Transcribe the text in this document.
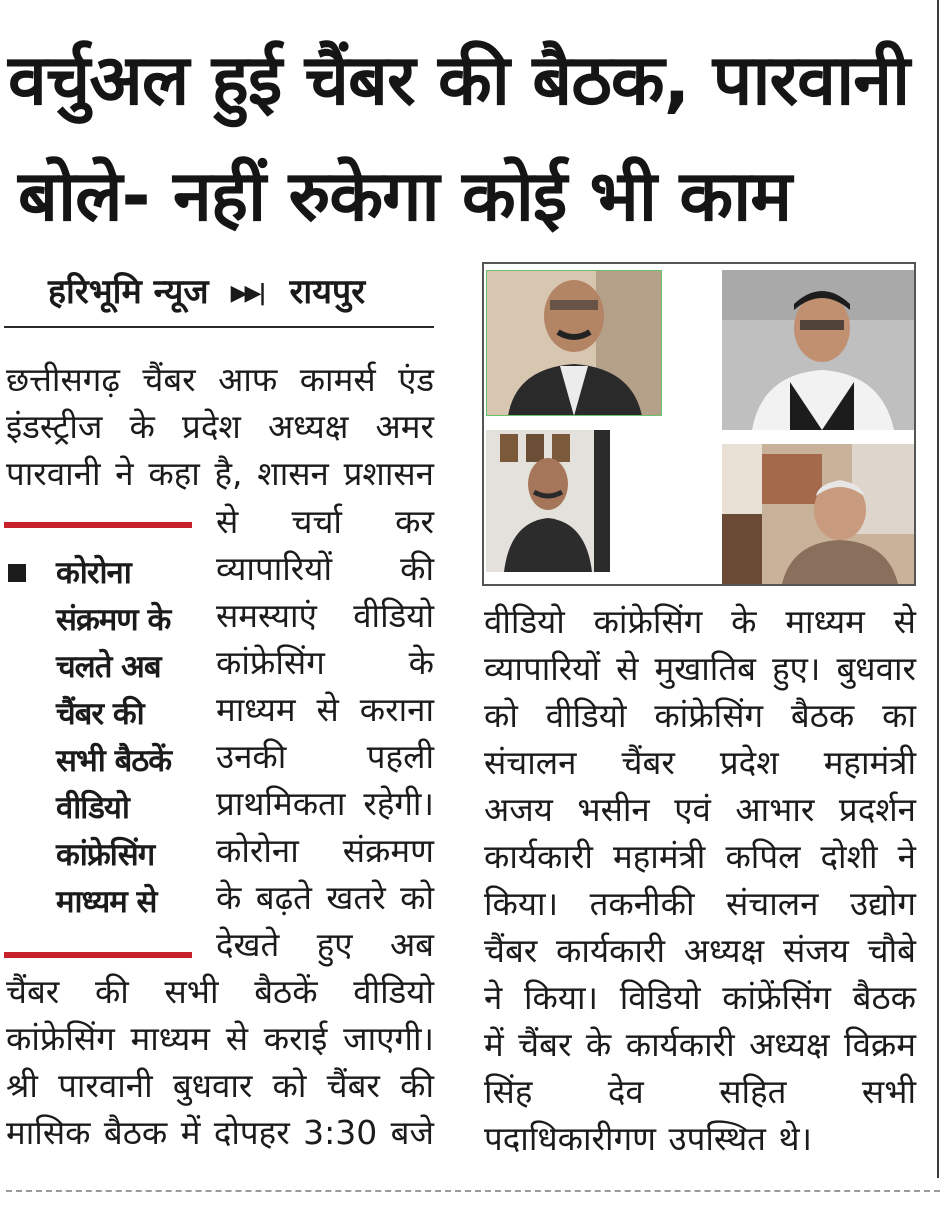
वर्चुअल हुई चैंबर की बैठक, पारवानी

बोले- नहीं रुकेगा कोई भी काम
हरिभूमि न्यूज ▶▶| रायपुर

छत्तीसगढ़ चैंबर आफ कामर्स एंड

इंडस्ट्रीज के प्रदेश अध्यक्ष अमर

पारवानी ने कहा है, शासन प्रशासन

कोरोना
संक्रमण के
चलते अब
चैंबर की
सभी बैठकें
वीडियो
कांफ्रेसिंग
माध्यम से

से चर्चा कर

व्यापारियों की

समस्याएं वीडियो

कांफ्रेसिंग के

माध्यम से कराना

उनकी पहली

प्राथमिकता रहेगी।

कोरोना संक्रमण

के बढ़ते खतरे को

देखते हुए अब

चैंबर की सभी बैठकें वीडियो

कांफ्रेसिंग माध्यम से कराई जाएगी।

श्री पारवानी बुधवार को चैंबर की

मासिक बैठक में दोपहर 3:30 बजे

वीडियो कांफ्रेसिंग के माध्यम से

व्यापारियों से मुखातिब हुए। बुधवार

को वीडियो कांफ्रेसिंग बैठक का

संचालन चैंबर प्रदेश महामंत्री

अजय भसीन एवं आभार प्रदर्शन

कार्यकारी महामंत्री कपिल दोशी ने

किया। तकनीकी संचालन उद्योग

चैंबर कार्यकारी अध्यक्ष संजय चौबे

ने किया। विडियो कांफ्रेंसिंग बैठक

में चैंबर के कार्यकारी अध्यक्ष विक्रम

सिंह देव सहित सभी

पदाधिकारीगण उपस्थित थे।
